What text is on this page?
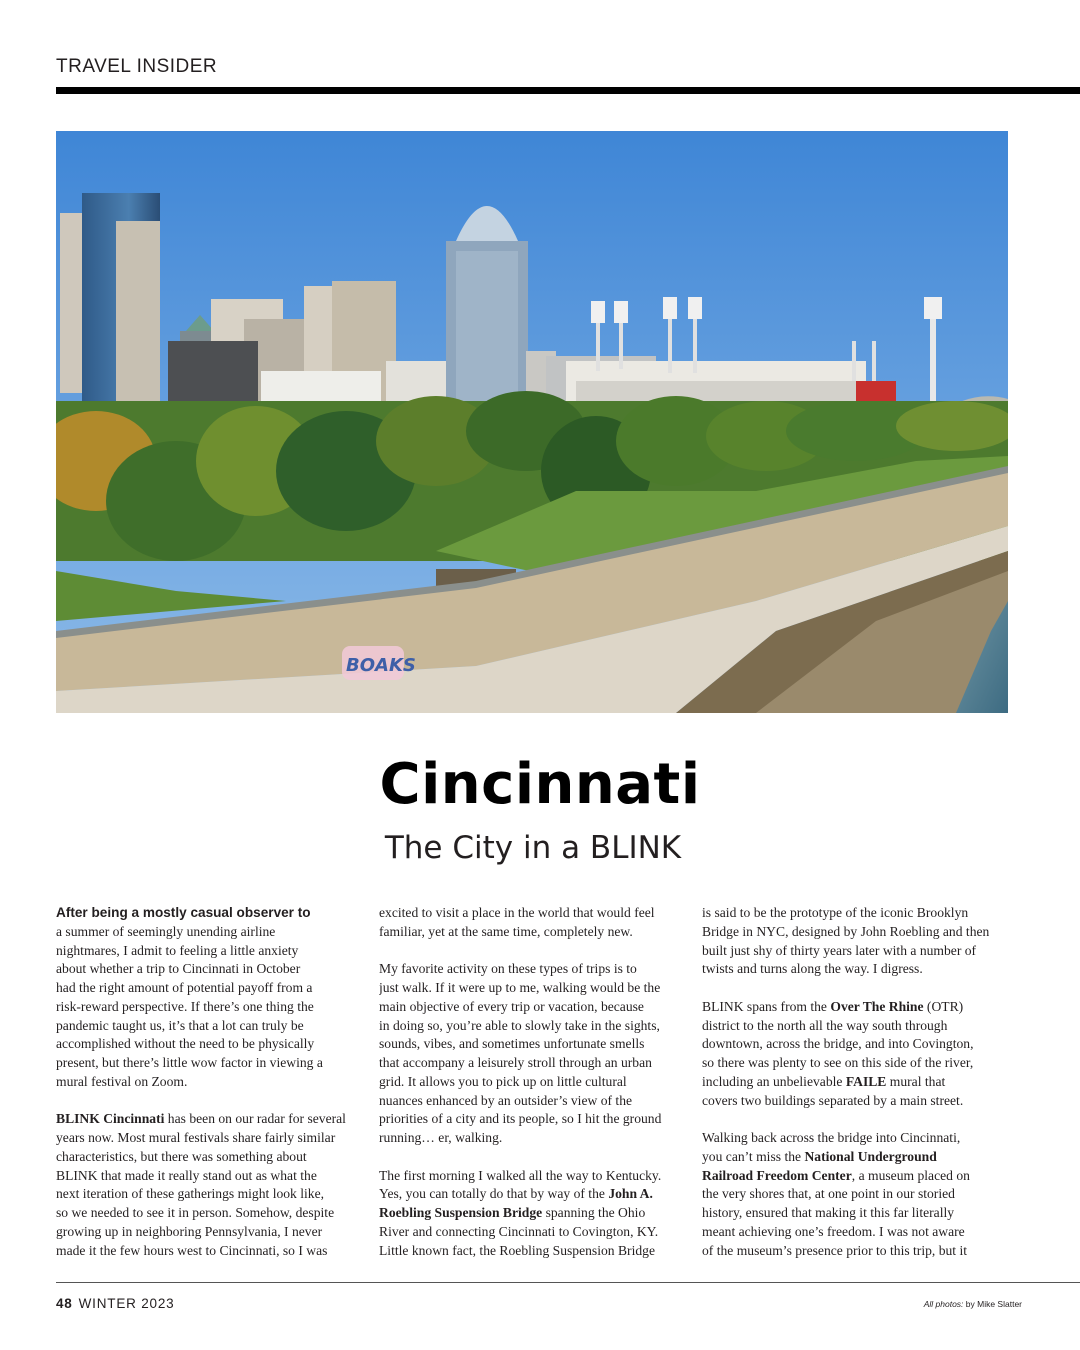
TRAVEL INSIDER
BOAKS
Cincinnati
The City in a BLINK

After being a mostly casual observer to
a summer of seemingly unending airline
nightmares, I admit to feeling a little anxiety
about whether a trip to Cincinnati in October
had the right amount of potential payoff from a
risk-reward perspective. If there’s one thing the
pandemic taught us, it’s that a lot can truly be
accomplished without the need to be physically
present, but there’s little wow factor in viewing a
mural festival on Zoom.

BLINK Cincinnati has been on our radar for several
years now. Most mural festivals share fairly similar
characteristics, but there was something about
BLINK that made it really stand out as what the
next iteration of these gatherings might look like,
so we needed to see it in person. Somehow, despite
growing up in neighboring Pennsylvania, I never
made it the few hours west to Cincinnati, so I was

excited to visit a place in the world that would feel
familiar, yet at the same time, completely new.

My favorite activity on these types of trips is to
just walk. If it were up to me, walking would be the
main objective of every trip or vacation, because
in doing so, you’re able to slowly take in the sights,
sounds, vibes, and sometimes unfortunate smells
that accompany a leisurely stroll through an urban
grid. It allows you to pick up on little cultural
nuances enhanced by an outsider’s view of the
priorities of a city and its people, so I hit the ground
running… er, walking.

The first morning I walked all the way to Kentucky.
Yes, you can totally do that by way of the John A.
Roebling Suspension Bridge spanning the Ohio
River and connecting Cincinnati to Covington, KY.
Little known fact, the Roebling Suspension Bridge

is said to be the prototype of the iconic Brooklyn
Bridge in NYC, designed by John Roebling and then
built just shy of thirty years later with a number of
twists and turns along the way. I digress.

BLINK spans from the Over The Rhine (OTR)
district to the north all the way south through
downtown, across the bridge, and into Covington,
so there was plenty to see on this side of the river,
including an unbelievable FAILE mural that
covers two buildings separated by a main street.

Walking back across the bridge into Cincinnati,
you can’t miss the National Underground
Railroad Freedom Center, a museum placed on
the very shores that, at one point in our storied
history, ensured that making it this far literally
meant achieving one’s freedom. I was not aware
of the museum’s presence prior to this trip, but it

48 WINTER 2023	All photos: by Mike Slatter
